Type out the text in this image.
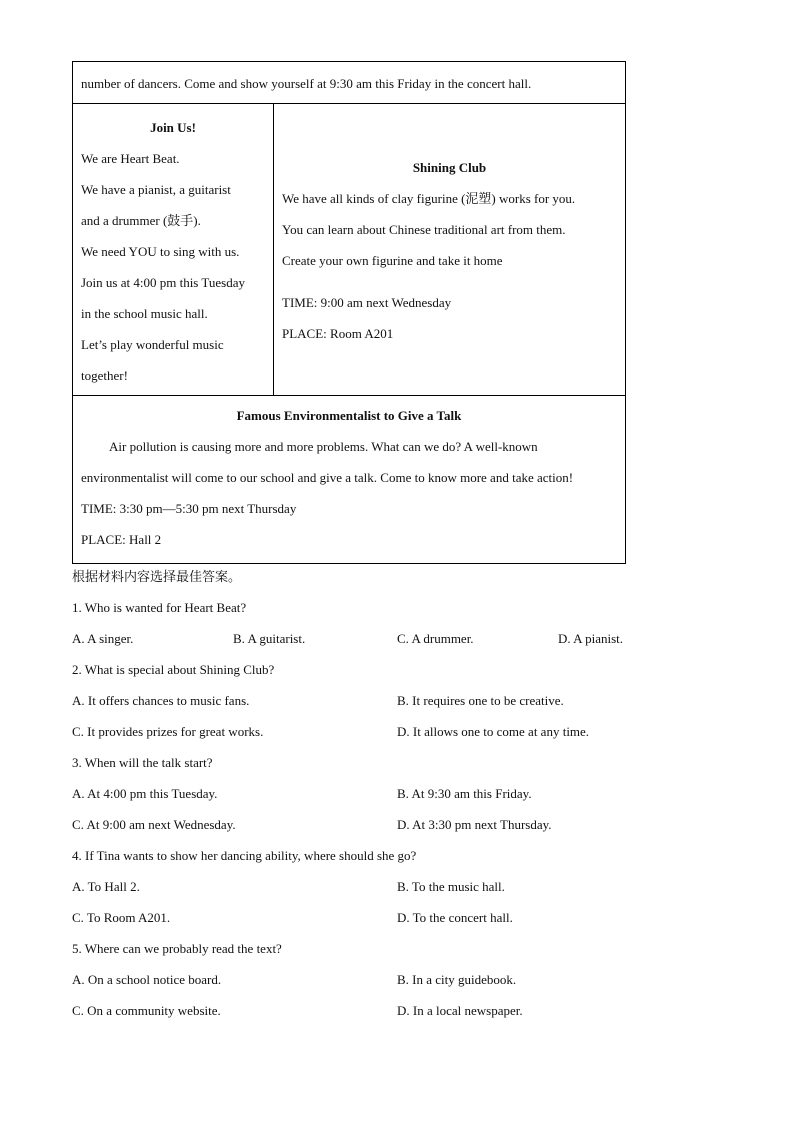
number of dancers. Come and show yourself at 9:30 am this Friday in the concert hall.
Join Us!
We are Heart Beat.
We have a pianist, a guitarist
and a drummer (鼓手).
We need YOU to sing with us.
Join us at 4:00 pm this Tuesday
in the school music hall.
Let’s play wonderful music
together!
Shining Club
We have all kinds of clay figurine (泥塑) works for you.
You can learn about Chinese traditional art from them.
Create your own figurine and take it home
TIME: 9:00 am next Wednesday
PLACE: Room A201
Famous Environmentalist to Give a Talk
Air pollution is causing more and more problems. What can we do? A well-known
environmentalist will come to our school and give a talk. Come to know more and take action!
TIME: 3:30 pm—5:30 pm next Thursday
PLACE: Hall 2
根据材料内容选择最佳答案。
1. Who is wanted for Heart Beat?
A. A singer.	B. A guitarist.	C. A drummer.	D. A pianist.
2. What is special about Shining Club?
A. It offers chances to music fans.	B. It requires one to be creative.
C. It provides prizes for great works.	D. It allows one to come at any time.
3. When will the talk start?
A. At 4:00 pm this Tuesday.	B. At 9:30 am this Friday.
C. At 9:00 am next Wednesday.	D. At 3:30 pm next Thursday.
4. If Tina wants to show her dancing ability, where should she go?
A. To Hall 2.	B. To the music hall.
C. To Room A201.	D. To the concert hall.
5. Where can we probably read the text?
A. On a school notice board.	B. In a city guidebook.
C. On a community website.	D. In a local newspaper.
